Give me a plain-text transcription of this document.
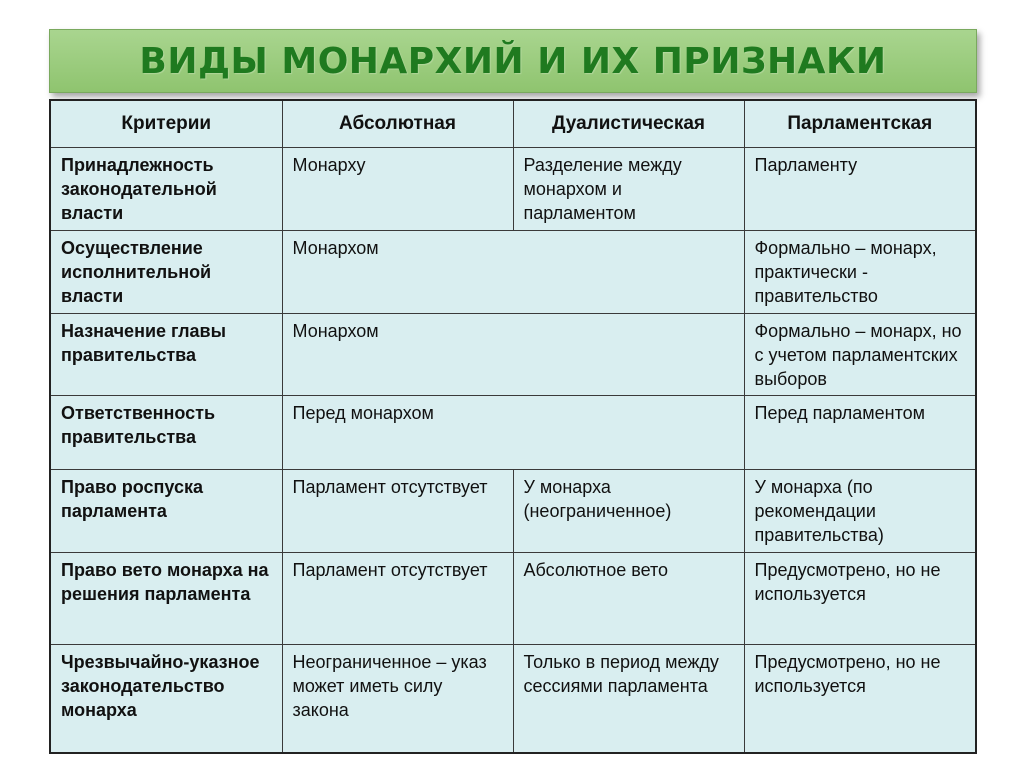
ВИДЫ МОНАРХИЙ И ИХ ПРИЗНАКИ
Критерии	Абсолютная	Дуалистическая	Парламентская
Принадлежность законодательной власти	Монарху	Разделение между монархом и парламентом	Парламенту
Осуществление исполнительной власти	Монархом		Формально – монарх, практически - правительство
Назначение главы правительства	Монархом		Формально – монарх, но с учетом парламентских выборов
Ответственность правительства	Перед монархом		Перед парламентом
Право роспуска парламента	Парламент отсутствует	У монарха (неограниченное)	У монарха (по рекомендации правительства)
Право вето монарха на решения парламента	Парламент отсутствует	Абсолютное вето	Предусмотрено, но не используется
Чрезвычайно-указное законодательство монарха	Неограниченное – указ может иметь силу закона	Только в период между сессиями парламента	Предусмотрено, но не используется
